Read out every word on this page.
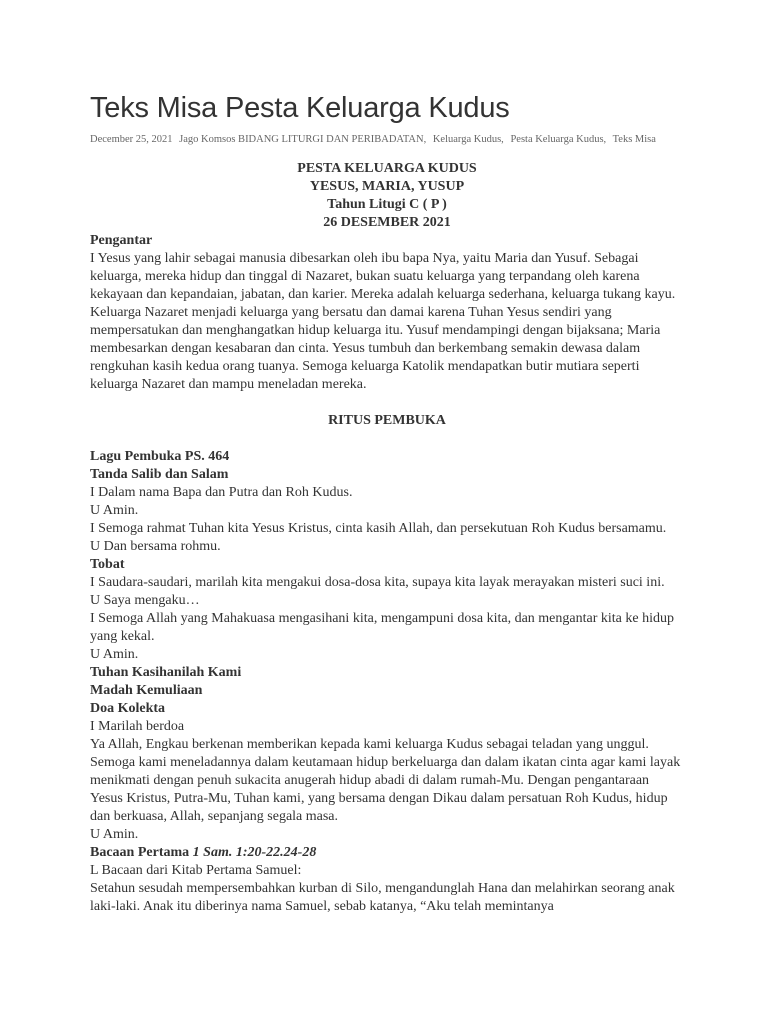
Teks Misa Pesta Keluarga Kudus
December 25, 2021 Jago Komsos BIDANG LITURGI DAN PERIBADATAN, Keluarga Kudus, Pesta Keluarga Kudus, Teks Misa

PESTA KELUARGA KUDUS

YESUS, MARIA, YUSUP

Tahun Litugi C ( P )

26 DESEMBER 2021

Pengantar

I Yesus yang lahir sebagai manusia dibesarkan oleh ibu bapa Nya, yaitu Maria dan Yusuf. Sebagai keluarga, mereka hidup dan tinggal di Nazaret, bukan suatu keluarga yang terpandang oleh karena kekayaan dan kepandaian, jabatan, dan karier. Mereka adalah keluarga sederhana, keluarga tukang kayu. Keluarga Nazaret menjadi keluarga yang bersatu dan damai karena Tuhan Yesus sendiri yang mempersatukan dan menghangatkan hidup keluarga itu. Yusuf mendampingi dengan bijaksana; Maria membesarkan dengan kesabaran dan cinta. Yesus tumbuh dan berkembang semakin dewasa dalam rengkuhan kasih kedua orang tuanya. Semoga keluarga Katolik mendapatkan butir mutiara seperti keluarga Nazaret dan mampu meneladan mereka.

RITUS PEMBUKA

Lagu Pembuka PS. 464

Tanda Salib dan Salam

I Dalam nama Bapa dan Putra dan Roh Kudus.

U Amin.

I Semoga rahmat Tuhan kita Yesus Kristus, cinta kasih Allah, dan persekutuan Roh Kudus bersamamu.

U Dan bersama rohmu.

Tobat

I Saudara-saudari, marilah kita mengakui dosa-dosa kita, supaya kita layak merayakan misteri suci ini.

U Saya mengaku…

I Semoga Allah yang Mahakuasa mengasihani kita, mengampuni dosa kita, dan mengantar kita ke hidup yang kekal.

U Amin.

Tuhan Kasihanilah Kami

Madah Kemuliaan

Doa Kolekta

I Marilah berdoa

Ya Allah, Engkau berkenan memberikan kepada kami keluarga Kudus sebagai teladan yang unggul. Semoga kami meneladannya dalam keutamaan hidup berkeluarga dan dalam ikatan cinta agar kami layak menikmati dengan penuh sukacita anugerah hidup abadi di dalam rumah-Mu. Dengan pengantaraan Yesus Kristus, Putra-Mu, Tuhan kami, yang bersama dengan Dikau dalam persatuan Roh Kudus, hidup dan berkuasa, Allah, sepanjang segala masa.

U Amin.

Bacaan Pertama 1 Sam. 1:20-22.24-28

L Bacaan dari Kitab Pertama Samuel:

Setahun sesudah mempersembahkan kurban di Silo, mengandunglah Hana dan melahirkan seorang anak laki-laki. Anak itu diberinya nama Samuel, sebab katanya, “Aku telah memintanya
